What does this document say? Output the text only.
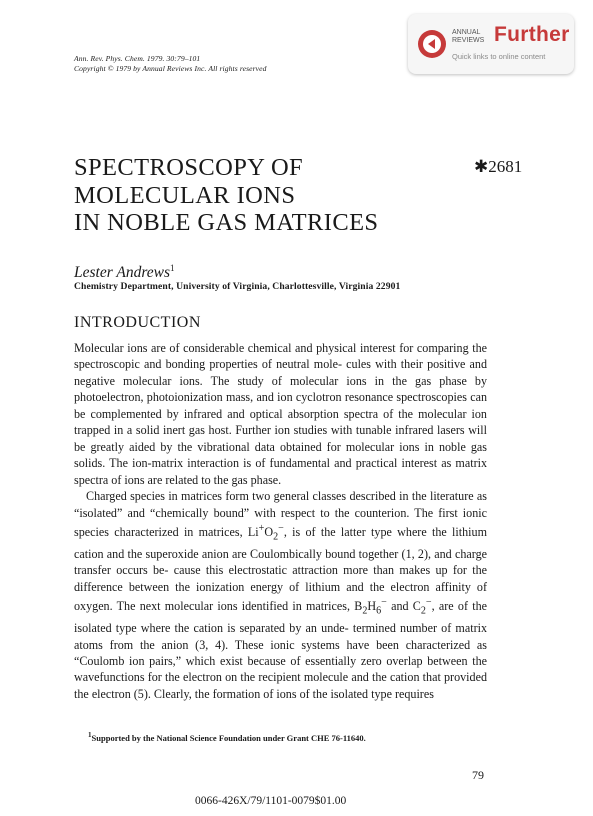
Ann. Rev. Phys. Chem. 1979. 30:79–101
Copyright © 1979 by Annual Reviews Inc. All rights reserved
ANNUAL
REVIEWS Further
Quick links to online content
SPECTROSCOPY OF
MOLECULAR IONS
IN NOBLE GAS MATRICES
✱2681
Lester Andrews$^1$
Chemistry Department, University of Virginia, Charlottesville, Virginia 22901
INTRODUCTION

Molecular ions are of considerable chemical and physical interest for comparing the spectroscopic and bonding properties of neutral mole- cules with their positive and negative molecular ions. The study of molecular ions in the gas phase by photoelectron, photoionization mass, and ion cyclotron resonance spectroscopies can be complemented by infrared and optical absorption spectra of the molecular ion trapped in a solid inert gas host. Further ion studies with tunable infrared lasers will be greatly aided by the vibrational data obtained for molecular ions in noble gas solids. The ion-matrix interaction is of fundamental and practical interest as matrix spectra of ions are related to the gas phase.

Charged species in matrices form two general classes described in the literature as “isolated” and “chemically bound” with respect to the counterion. The first ionic species characterized in matrices, $Li^+O_2^-$, is of the latter type where the lithium cation and the superoxide anion are Coulombically bound together (1, 2), and charge transfer occurs be- cause this electrostatic attraction more than makes up for the difference between the ionization energy of lithium and the electron affinity of oxygen. The next molecular ions identified in matrices, $B_2H_6^-$ and $C_2^-$, are of the isolated type where the cation is separated by an unde- termined number of matrix atoms from the anion (3, 4). These ionic systems have been characterized as “Coulomb ion pairs,” which exist because of essentially zero overlap between the wavefunctions for the electron on the recipient molecule and the cation that provided the electron (5). Clearly, the formation of ions of the isolated type requires

$^1$Supported by the National Science Foundation under Grant CHE 76-11640.
79
0066-426X/79/1101-0079$01.00
